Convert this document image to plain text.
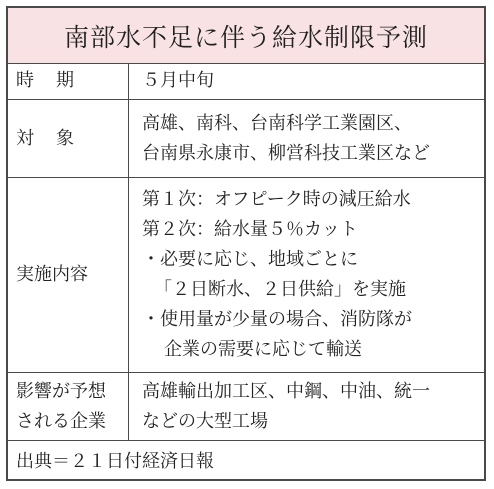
南部水不足に伴う給水制限予測
時　期	５月中旬
対　象
高雄、南科、台南科学工業園区、
台南県永康市、柳営科技工業区など
実施内容
第１次：オフピーク時の減圧給水
第２次：給水量５％カット
・必要に応じ、地域ごとに
「２日断水、２日供給」を実施
・使用量が少量の場合、消防隊が
企業の需要に応じて輸送
影響が予想
される企業
高雄輸出加工区、中鋼、中油、統一
などの大型工場
出典＝２１日付経済日報
